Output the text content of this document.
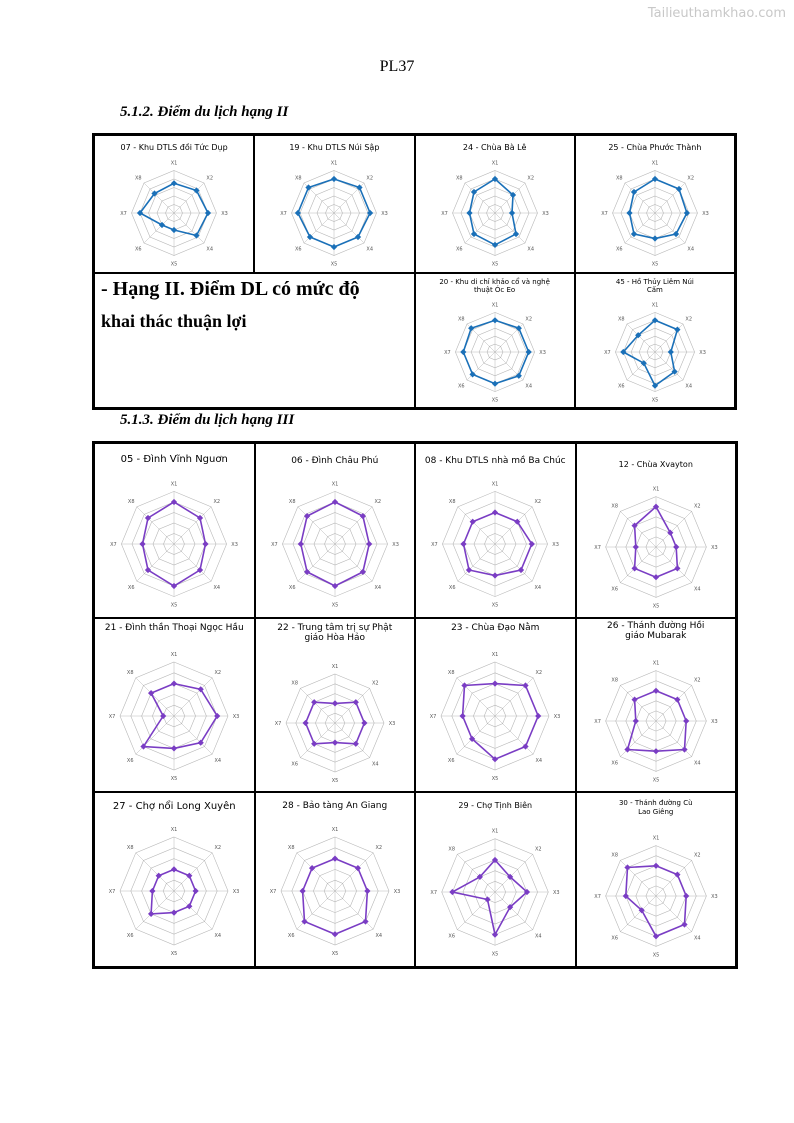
Tailieuthamkhao.com
PL37
5.1.2. Điểm du lịch hạng II
07 - Khu DTLS đồi Tức Dụp
X1
X2
X3
X4
X5
X6
X7
X8
19 - Khu DTLS Núi Sập
X1
X2
X3
X4
X5
X6
X7
X8
24 - Chùa Bà Lê
X1
X2
X3
X4
X5
X6
X7
X8
25 - Chùa Phước Thành
X1
X2
X3
X4
X5
X6
X7
X8
- Hạng II. Điểm DL có mức độ
khai thác thuận lợi
20 - Khu di chỉ khảo cổ và nghệ thuật Óc Eo
X1
X2
X3
X4
X5
X6
X7
X8
45 - Hồ Thủy Liêm Núi Cấm
X1
X2
X3
X4
X5
X6
X7
X8
5.1.3. Điểm du lịch hạng III
05 - Đình Vĩnh Nguơn
X1
X2
X3
X4
X5
X6
X7
X8
06 - Đình Châu Phú
X1
X2
X3
X4
X5
X6
X7
X8
08 - Khu DTLS nhà mồ Ba Chúc
X1
X2
X3
X4
X5
X6
X7
X8
12 - Chùa Xvayton
X1
X2
X3
X4
X5
X6
X7
X8
21 - Đình thần Thoại Ngọc Hầu
X1
X2
X3
X4
X5
X6
X7
X8
22 - Trung tâm trị sự Phật giáo Hòa Hảo
X1
X2
X3
X4
X5
X6
X7
X8
23 - Chùa Đạo Nằm
X1
X2
X3
X4
X5
X6
X7
X8
26 - Thánh đường Hồi giáo Mubarak
X1
X2
X3
X4
X5
X6
X7
X8
27 - Chợ nổi Long Xuyên
X1
X2
X3
X4
X5
X6
X7
X8
28 - Bảo tàng An Giang
X1
X2
X3
X4
X5
X6
X7
X8
29 - Chợ Tịnh Biên
X1
X2
X3
X4
X5
X6
X7
X8
30 - Thánh đường Cù Lao Giêng
X1
X2
X3
X4
X5
X6
X7
X8
